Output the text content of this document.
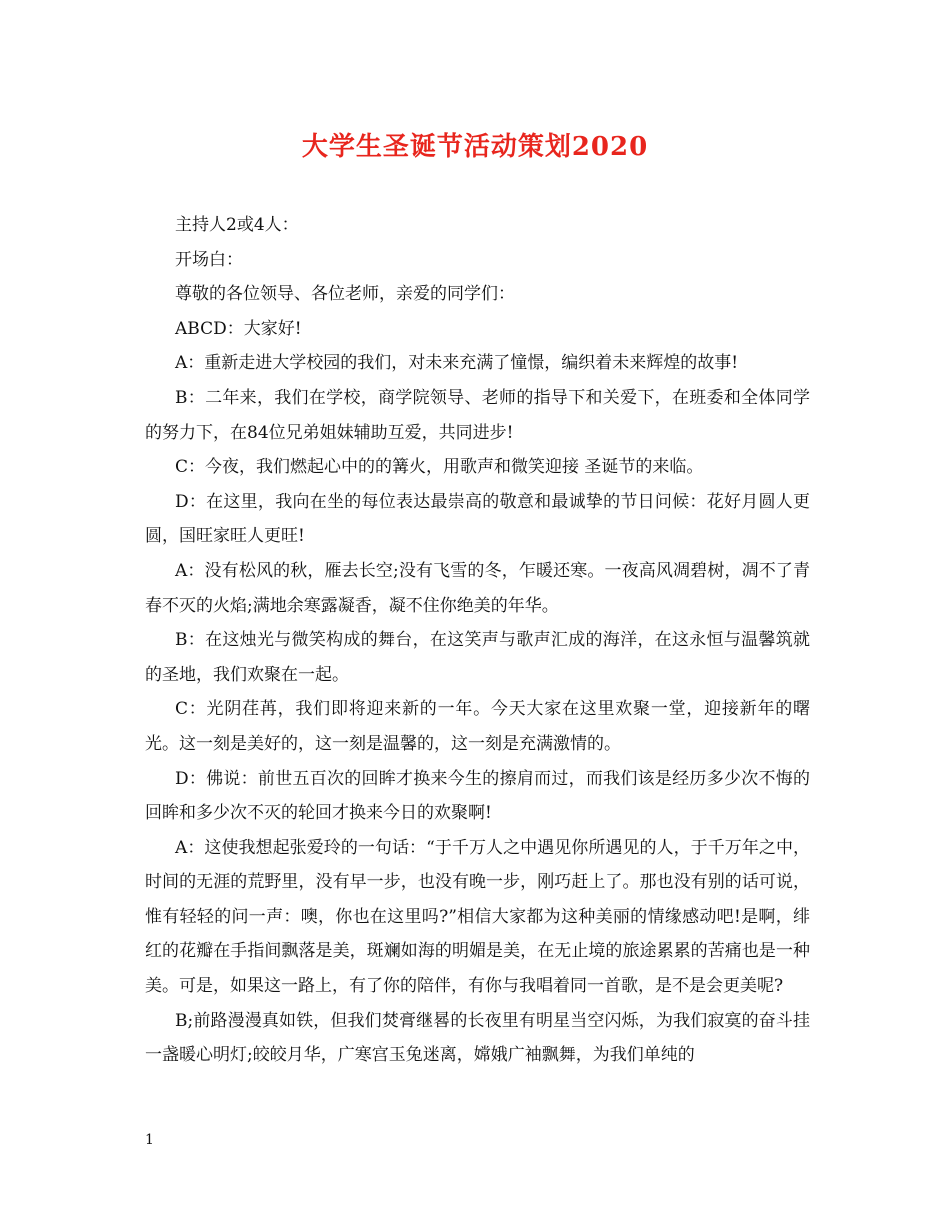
大学生圣诞节活动策划2020

主持人2或4人：

开场白：

尊敬的各位领导、各位老师，亲爱的同学们：

ABCD：大家好!

A：重新走进大学校园的我们，对未来充满了憧憬，编织着未来辉煌的故事!

B：二年来，我们在学校，商学院领导、老师的指导下和关爱下，在班委和全体同学的努力下，在84位兄弟姐妹辅助互爱，共同进步!

C：今夜，我们燃起心中的的篝火，用歌声和微笑迎接 圣诞节的来临。

D：在这里，我向在坐的每位表达最崇高的敬意和最诚挚的节日问候：花好月圆人更圆，国旺家旺人更旺!

A：没有松风的秋，雁去长空;没有飞雪的冬，乍暖还寒。一夜高风凋碧树，凋不了青春不灭的火焰;满地余寒露凝香，凝不住你绝美的年华。

B：在这烛光与微笑构成的舞台，在这笑声与歌声汇成的海洋，在这永恒与温馨筑就的圣地，我们欢聚在一起。

C：光阴荏苒，我们即将迎来新的一年。今天大家在这里欢聚一堂，迎接新年的曙光。这一刻是美好的，这一刻是温馨的，这一刻是充满激情的。

D：佛说：前世五百次的回眸才换来今生的擦肩而过，而我们该是经历多少次不悔的回眸和多少次不灭的轮回才换来今日的欢聚啊!

A：这使我想起张爱玲的一句话：“于千万人之中遇见你所遇见的人，于千万年之中，时间的无涯的荒野里，没有早一步，也没有晚一步，刚巧赶上了。那也没有别的话可说，惟有轻轻的问一声：噢，你也在这里吗?”相信大家都为这种美丽的情缘感动吧!是啊，绯红的花瓣在手指间飘落是美，斑斓如海的明媚是美，在无止境的旅途累累的苦痛也是一种美。可是，如果这一路上，有了你的陪伴，有你与我唱着同一首歌，是不是会更美呢?

B;前路漫漫真如铁，但我们焚膏继晷的长夜里有明星当空闪烁，为我们寂寞的奋斗挂一盏暖心明灯;皎皎月华，广寒宫玉兔迷离，嫦娥广袖飘舞，为我们单纯的

1
